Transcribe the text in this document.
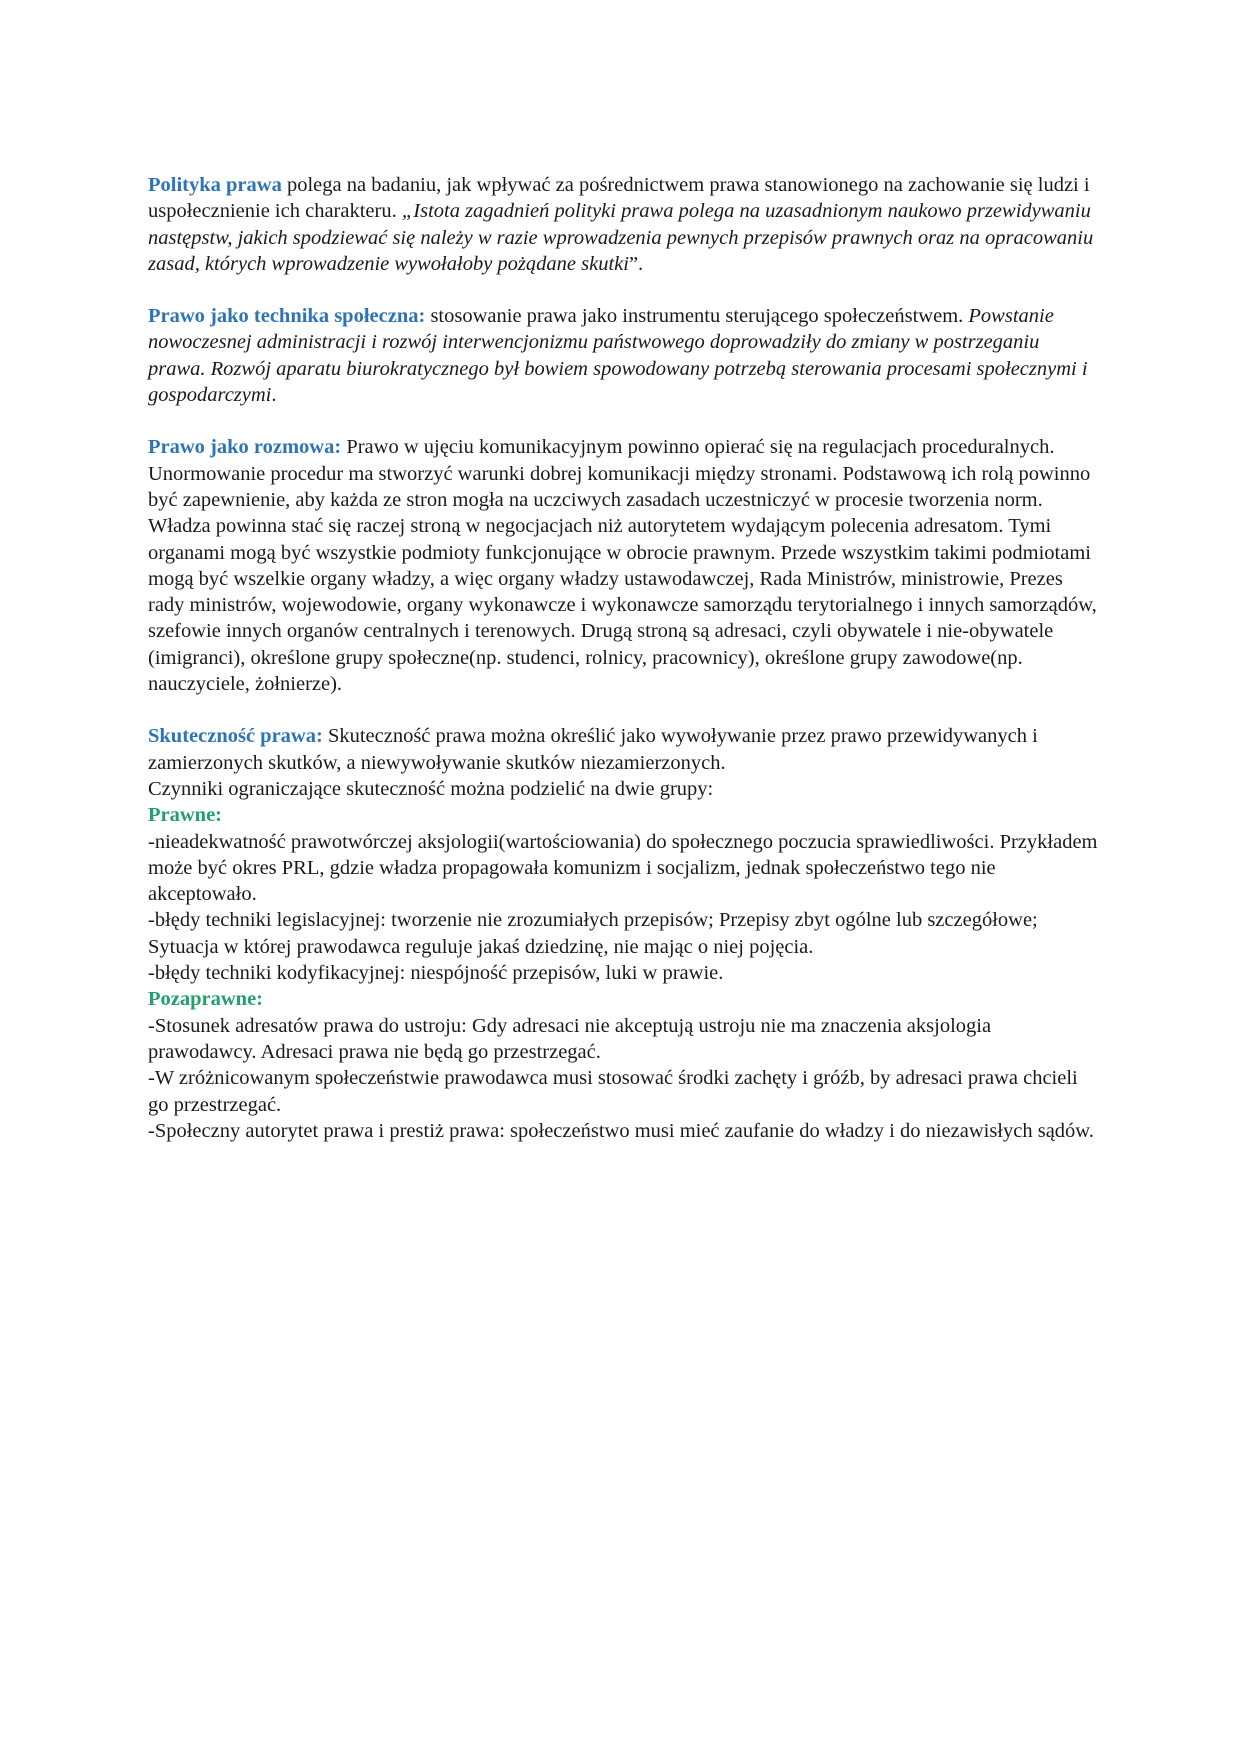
Polityka prawa polega na badaniu, jak wpływać za pośrednictwem prawa stanowionego na zachowanie się ludzi i uspołecznienie ich charakteru. „Istota zagadnień polityki prawa polega na uzasadnionym naukowo przewidywaniu następstw, jakich spodziewać się należy w razie wprowadzenia pewnych przepisów prawnych oraz na opracowaniu zasad, których wprowadzenie wywołałoby pożądane skutki”.

Prawo jako technika społeczna: stosowanie prawa jako instrumentu sterującego społeczeństwem. Powstanie nowoczesnej administracji i rozwój interwencjonizmu państwowego doprowadziły do zmiany w postrzeganiu prawa. Rozwój aparatu biurokratycznego był bowiem spowodowany potrzebą sterowania procesami społecznymi i gospodarczymi.

Prawo jako rozmowa: Prawo w ujęciu komunikacyjnym powinno opierać się na regulacjach proceduralnych. Unormowanie procedur ma stworzyć warunki dobrej komunikacji między stronami. Podstawową ich rolą powinno być zapewnienie, aby każda ze stron mogła na uczciwych zasadach uczestniczyć w procesie tworzenia norm. Władza powinna stać się raczej stroną w negocjacjach niż autorytetem wydającym polecenia adresatom. Tymi organami mogą być wszystkie podmioty funkcjonujące w obrocie prawnym. Przede wszystkim takimi podmiotami mogą być wszelkie organy władzy, a więc organy władzy ustawodawczej, Rada Ministrów, ministrowie, Prezes rady ministrów, wojewodowie, organy wykonawcze i wykonawcze samorządu terytorialnego i innych samorządów, szefowie innych organów centralnych i terenowych. Drugą stroną są adresaci, czyli obywatele i nie-obywatele (imigranci), określone grupy społeczne(np. studenci, rolnicy, pracownicy), określone grupy zawodowe(np. nauczyciele, żołnierze).

Skuteczność prawa: Skuteczność prawa można określić jako wywoływanie przez prawo przewidywanych i zamierzonych skutków, a niewywoływanie skutków niezamierzonych.

Czynniki ograniczające skuteczność można podzielić na dwie grupy:

Prawne:

-nieadekwatność prawotwórczej aksjologii(wartościowania) do społecznego poczucia sprawiedliwości. Przykładem może być okres PRL, gdzie władza propagowała komunizm i socjalizm, jednak społeczeństwo tego nie akceptowało.

-błędy techniki legislacyjnej: tworzenie nie zrozumiałych przepisów; Przepisy zbyt ogólne lub szczegółowe; Sytuacja w której prawodawca reguluje jakaś dziedzinę, nie mając o niej pojęcia.

-błędy techniki kodyfikacyjnej: niespójność przepisów, luki w prawie.

Pozaprawne:

-Stosunek adresatów prawa do ustroju: Gdy adresaci nie akceptują ustroju nie ma znaczenia aksjologia prawodawcy. Adresaci prawa nie będą go przestrzegać.

-W zróżnicowanym społeczeństwie prawodawca musi stosować środki zachęty i gróźb, by adresaci prawa chcieli go przestrzegać.

-Społeczny autorytet prawa i prestiż prawa: społeczeństwo musi mieć zaufanie do władzy i do niezawisłych sądów.
